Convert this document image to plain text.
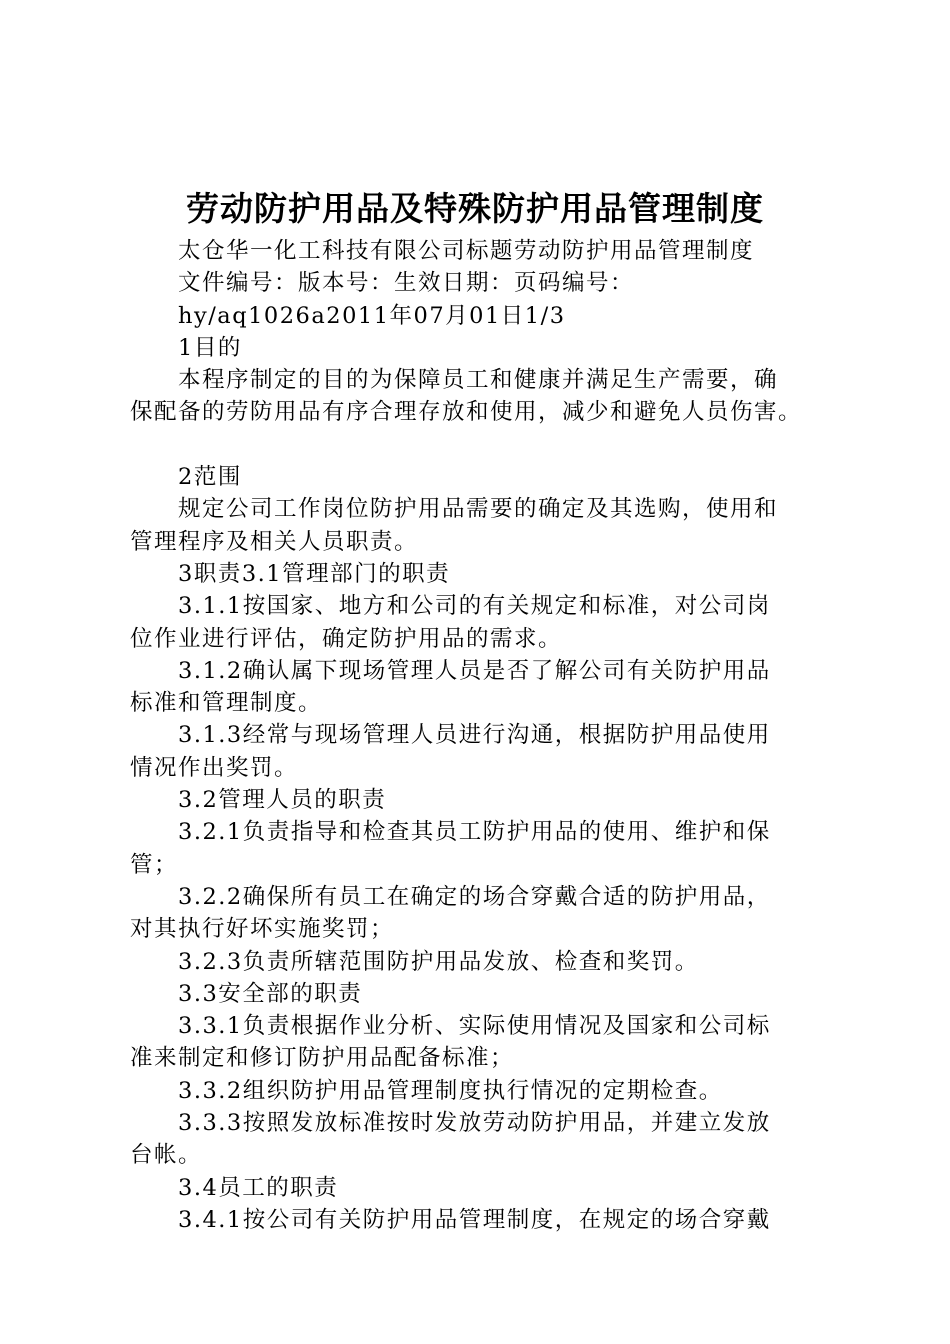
劳动防护用品及特殊防护用品管理制度
太仓华一化工科技有限公司标题劳动防护用品管理制度
文件编号：版本号：生效日期：页码编号：
hy/aq1026a2011年07月01日1/3
1目的
本程序制定的目的为保障员工和健康并满足生产需要，确
保配备的劳防用品有序合理存放和使用，减少和避免人员伤害。
2范围
规定公司工作岗位防护用品需要的确定及其选购，使用和
管理程序及相关人员职责。
3职责3.1管理部门的职责
3.1.1按国家、地方和公司的有关规定和标准，对公司岗
位作业进行评估，确定防护用品的需求。
3.1.2确认属下现场管理人员是否了解公司有关防护用品
标准和管理制度。
3.1.3经常与现场管理人员进行沟通，根据防护用品使用
情况作出奖罚。
3.2管理人员的职责
3.2.1负责指导和检查其员工防护用品的使用、维护和保
管；
3.2.2确保所有员工在确定的场合穿戴合适的防护用品，
对其执行好坏实施奖罚；
3.2.3负责所辖范围防护用品发放、检查和奖罚。
3.3安全部的职责
3.3.1负责根据作业分析、实际使用情况及国家和公司标
准来制定和修订防护用品配备标准；
3.3.2组织防护用品管理制度执行情况的定期检查。
3.3.3按照发放标准按时发放劳动防护用品，并建立发放
台帐。
3.4员工的职责
3.4.1按公司有关防护用品管理制度，在规定的场合穿戴
